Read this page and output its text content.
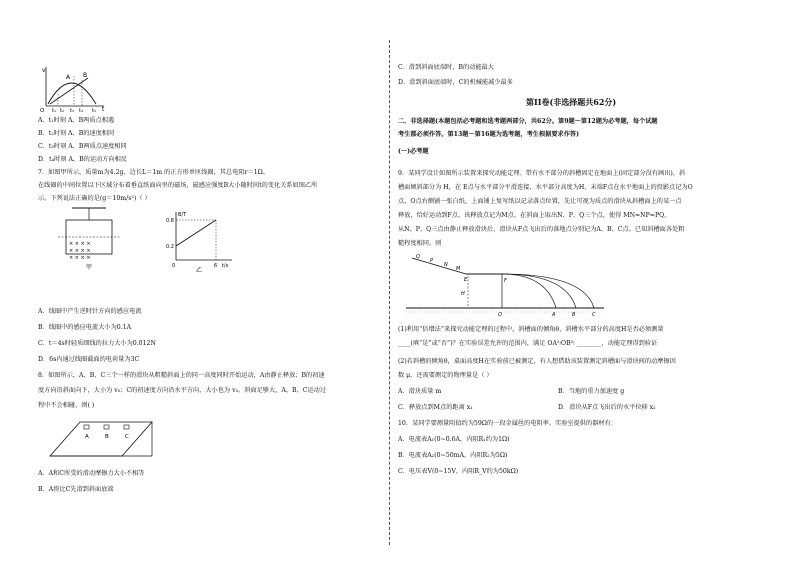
v
t
A B
O t₁ t₂ t₃ t₄ t₅
A．t₁时刻 A、B两质点相遇
B．t₂时刻 A、B的速度相同
C．t₃时刻 A、B两质点速度相同
D．t₄时刻 A、B的运动方向相反
7．如图甲所示，质量m为4.2g，边长L＝1m 的正方形单匝线圈，其总电阻r＝1Ω。
在线圈的中间位置以下区域分布着垂直纸面向里的磁场，磁感应强度B大小随时间t的变化关系如图乙所
示。下列说法正确的是(g＝10m/s²)（ ）
× × × ×
× × × ×
× × × ×
甲
0.8
0.2
B/T
t/s
0	6
乙
A．线圈中产生逆时针方向的感应电流
B．线圈中的感应电流大小为0.1A
C．t＝4s时轻质细线的拉力大小为0.012N
D．6s内通过线圈截面的电荷量为3C
8．如图所示，A、B、C三个一样的滑块从粗糙斜面上的同一高度同时开始运动，A由静止释放；B的初速
度方向沿斜面向下，大小为 v₀；C的初速度方向沿水平方向，大小也为 v₀。斜面足够大，A、B、C运动过
程中不会相碰，则( )
A	B	C
A．A和C所受的滑动摩擦力大小不相等
B．A将比C先滑到斜面底端
C．滑到斜面底端时，B的动能最大
D．滑到斜面底端时，C的机械能减少最多
第II卷(非选择题共62分)
二、非选择题(本题包括必考题和选考题两部分，共62分。第9题～第12题为必考题，每个试题
考生都必须作答。第13题～第16题为选考题，考生根据要求作答)
(一)必考题
9．某同学设计如图所示装置来探究动能定理。带有水平部分的斜槽固定在地面上(固定部分没有画出)，斜
槽面倾斜部分为 H，在 E点与水平部分平滑连接，水平部分高度为H，末端F点在水平地面上的投影点记为O
点，O点右侧铺一张白纸，上面铺上复写纸以记录落点位置，先让可视为质点的滑块从斜槽面上的某一点
释放，恰好运动到F点，该释放点记为M点，在斜面上取出N、P、Q三个点，使得 MN=NP=PQ，
从N、P、Q三点由静止释放滑块后，滑块从F点飞出后的落地点分别记为A、B、C点。已知斜槽面各处粗
糙程度相同。则
Q
P
N
M
E	F
H
O	A	B	C
(1)利用“倍增法”来探究动能定理的过程中，斜槽面的倾角θ、斜槽水平部分的高度H是否必须测量
____(填“是”或“否”)？在实验误差允许的范围内，满足 OA²∶OB²∶ ________，动能定理得到验证
(2)若斜槽的倾角θ，桌面高度H在实验前已被测定，有人想借助该装置测定斜槽面与滑块间的动摩擦因
数 μ，还需要测定的物理量是（ ）
A．滑块质量 m	B．当地的重力加速度 g
C．释放点到M点的距离 x₁	D．滑块从F点飞出后的水平位移 x₂
10．某同学要测量阻值约为59Ω的一段金属丝的电阻率。实验室提供的器材有：
A．电流表A₁(0~0.6A，内阻R₁约为1Ω)
B．电流表A₂(0~50mA，内阻R₂为5Ω)
C．电压表V(0~15V，内阻R_V约为50kΩ)
